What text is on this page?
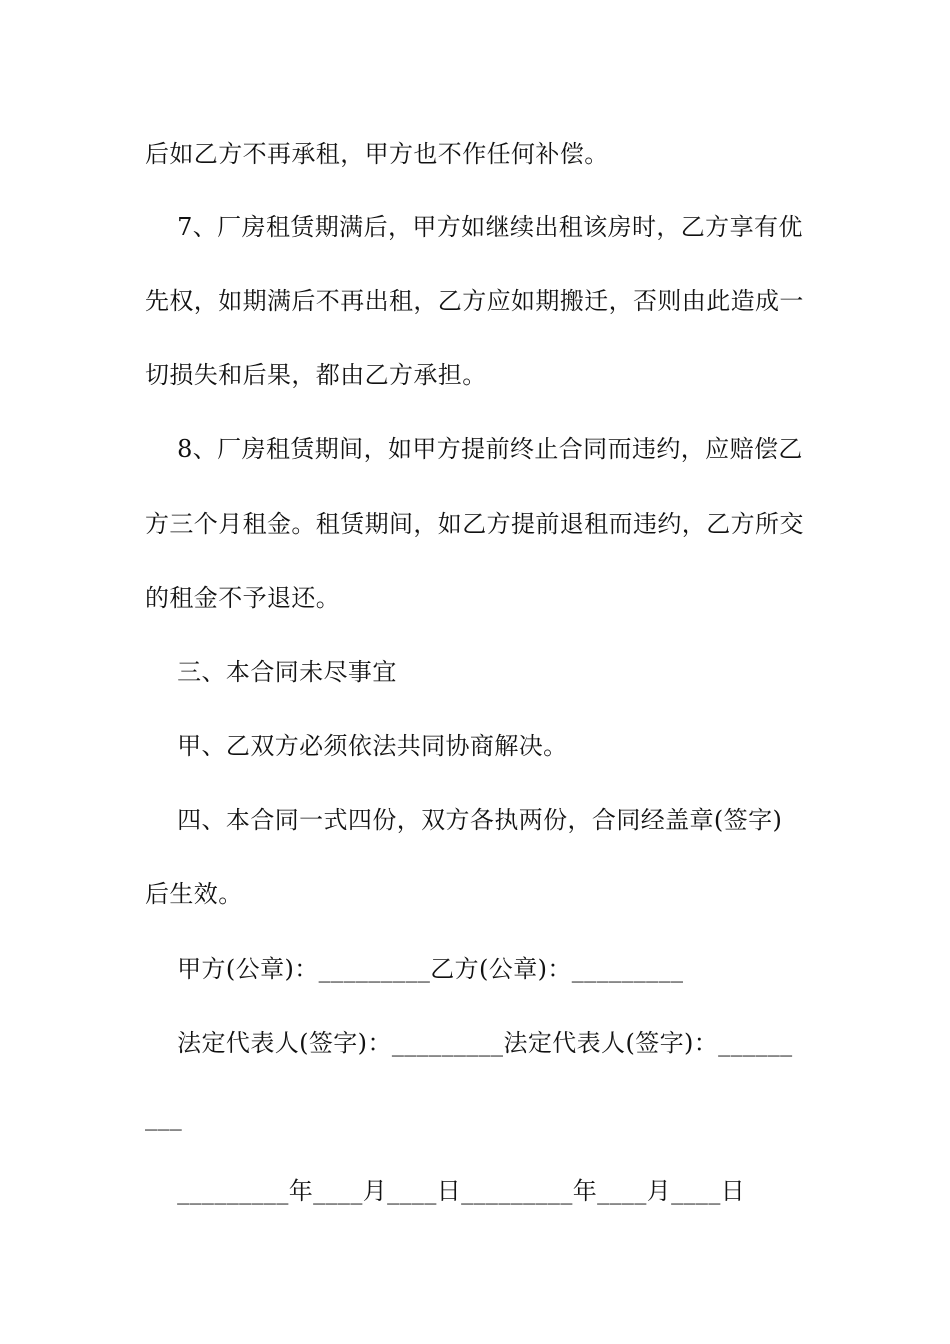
后如乙方不再承租，甲方也不作任何补偿。
7、厂房租赁期满后，甲方如继续出租该房时，乙方享有优
先权，如期满后不再出租，乙方应如期搬迁，否则由此造成一
切损失和后果，都由乙方承担。
8、厂房租赁期间，如甲方提前终止合同而违约，应赔偿乙
方三个月租金。租赁期间，如乙方提前退租而违约，乙方所交
的租金不予退还。
三、本合同未尽事宜
甲、乙双方必须依法共同协商解决。
四、本合同一式四份，双方各执两份，合同经盖章(签字)
后生效。
甲方(公章)：_________乙方(公章)：_________
法定代表人(签字)：_________法定代表人(签字)：______
___
_________年____月____日_________年____月____日
